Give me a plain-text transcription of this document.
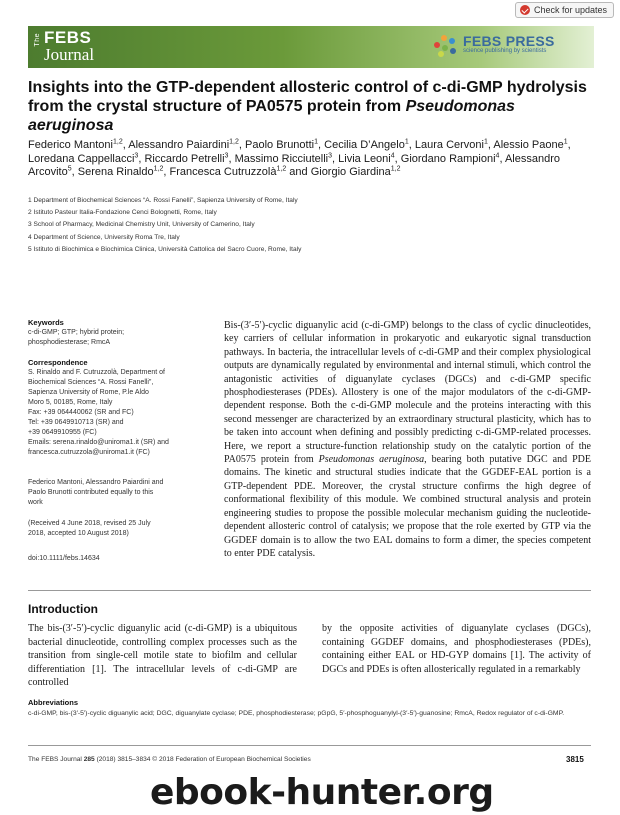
Check for updates
The FEBS
Journal
FEBS PRESS
science publishing by scientists
Insights into the GTP-dependent allosteric control of c-di-GMP hydrolysis from the crystal structure of PA0575 protein from Pseudomonas aeruginosa
Federico Mantoni$^{1,2}$, Alessandro Paiardini$^{1,2}$, Paolo Brunotti$^1$, Cecilia D’Angelo$^1$, Laura Cervoni$^1$, Alessio Paone$^1$, Loredana Cappellacci$^3$, Riccardo Petrelli$^3$, Massimo Ricciutelli$^3$, Livia Leoni$^4$, Giordano Rampioni$^4$, Alessandro Arcovito$^5$, Serena Rinaldo$^{1,2}$, Francesca Cutruzzolà$^{1,2}$ and Giorgio Giardina$^{1,2}$
1 Department of Biochemical Sciences “A. Rossi Fanelli”, Sapienza University of Rome, Italy
2 Istituto Pasteur Italia-Fondazione Cenci Bolognetti, Rome, Italy
3 School of Pharmacy, Medicinal Chemistry Unit, University of Camerino, Italy
4 Department of Science, University Roma Tre, Italy
5 Istituto di Biochimica e Biochimica Clinica, Università Cattolica del Sacro Cuore, Rome, Italy
Keywords
c-di-GMP; GTP; hybrid protein; phosphodiesterase; RmcA
Correspondence
S. Rinaldo and F. Cutruzzolà, Department of
Biochemical Sciences “A. Rossi Fanelli”,
Sapienza University of Rome, P.le Aldo
Moro 5, 00185, Rome, Italy
Fax: +39 064440062 (SR and FC)
Tel: +39 0649910713 (SR) and
+39 0649910955 (FC)
Emails: serena.rinaldo@uniroma1.it (SR) and
francesca.cutruzzola@uniroma1.it (FC)
Federico Mantoni, Alessandro Paiardini and
Paolo Brunotti contributed equally to this
work
(Received 4 June 2018, revised 25 July
2018, accepted 10 August 2018)
doi:10.1111/febs.14634
Bis-(3′-5′)-cyclic diguanylic acid (c-di-GMP) belongs to the class of cyclic dinucleotides, key carriers of cellular information in prokaryotic and eukaryotic signal transduction pathways. In bacteria, the intracellular levels of c-di-GMP and their complex physiological outputs are dynamically regulated by environmental and internal stimuli, which control the antagonistic activities of diguanylate cyclases (DGCs) and c-di-GMP specific phosphodiesterases (PDEs). Allostery is one of the major modulators of the c-di-GMP-dependent response. Both the c-di-GMP molecule and the proteins interacting with this second messenger are characterized by an extraordinary structural plasticity, which has to be taken into account when defining and possibly predicting c-di-GMP-related processes. Here, we report a structure-function relationship study on the catalytic portion of the PA0575 protein from Pseudomonas aeruginosa, bearing both putative DGC and PDE domains. The kinetic and structural studies indicate that the GGDEF-EAL portion is a GTP-dependent PDE. Moreover, the crystal structure confirms the high degree of conformational flexibility of this module. We combined structural analysis and protein engineering studies to propose the possible molecular mechanism guiding the nucleotide-dependent allosteric control of catalysis; we propose that the role exerted by GTP via the GGDEF domain is to allow the two EAL domains to form a dimer, the species competent to enter PDE catalysis.
Introduction
The bis-(3′-5′)-cyclic diguanylic acid (c-di-GMP) is a ubiquitous bacterial dinucleotide, controlling complex processes such as the transition from single-cell motile state to biofilm and cellular differentiation [1]. The intracellular levels of c-di-GMP are controlled
by the opposite activities of diguanylate cyclases (DGCs), containing GGDEF domains, and phosphodiesterases (PDEs), containing either EAL or HD-GYP domains [1]. The activity of DGCs and PDEs is often allosterically regulated in a remarkably
Abbreviations
c-di-GMP, bis-(3′-5′)-cyclic diguanylic acid; DGC, diguanylate cyclase; PDE, phosphodiesterase; pGpG, 5′-phosphoguanylyl-(3′-5′)-guanosine; RmcA, Redox regulator of c-di-GMP.
The FEBS Journal 285 (2018) 3815–3834 © 2018 Federation of European Biochemical Societies	3815
ebook-hunter.org
